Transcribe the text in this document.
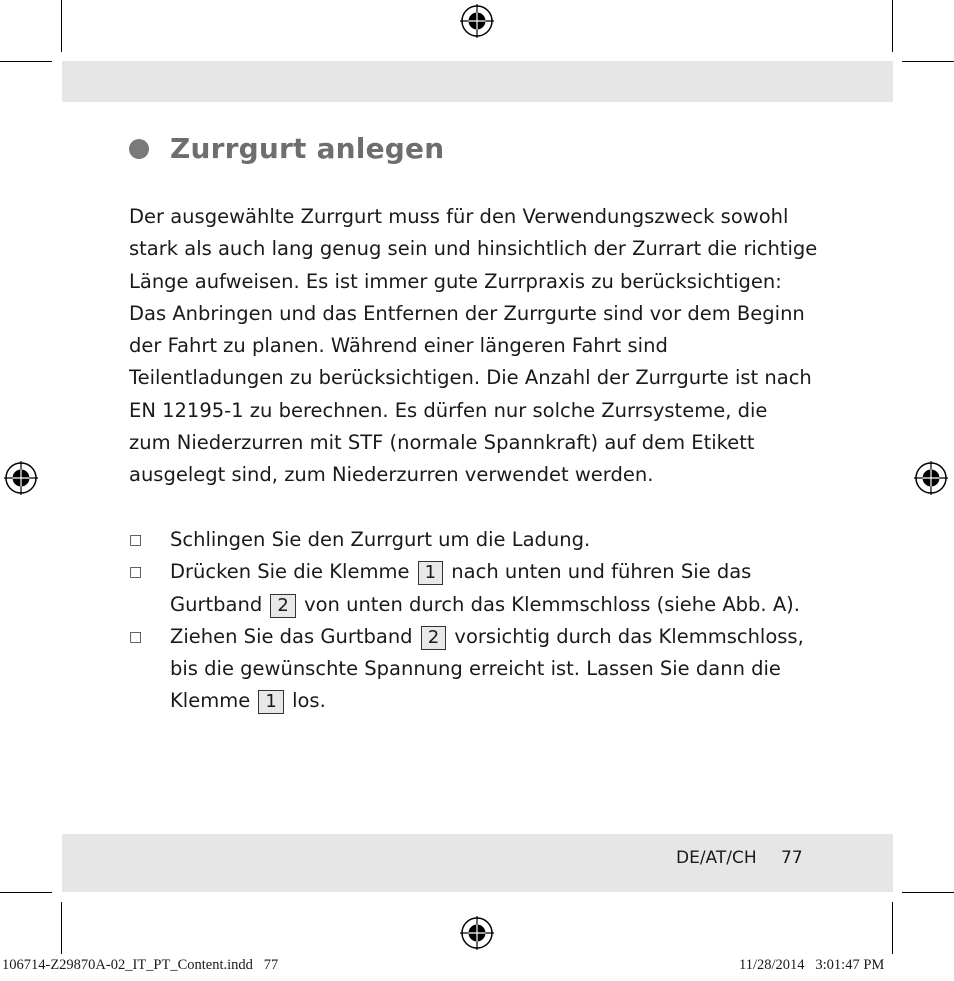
Zurrgurt anlegen

Der ausgewählte Zurrgurt muss für den Verwendungszweck sowohl

stark als auch lang genug sein und hinsichtlich der Zurrart die richtige

Länge aufweisen. Es ist immer gute Zurrpraxis zu berücksichtigen:

Das Anbringen und das Entfernen der Zurrgurte sind vor dem Beginn

der Fahrt zu planen. Während einer längeren Fahrt sind

Teilentladungen zu berücksichtigen. Die Anzahl der Zurrgurte ist nach

EN 12195-1 zu berechnen. Es dürfen nur solche Zurrsysteme, die

zum Niederzurren mit STF (normale Spannkraft) auf dem Etikett

ausgelegt sind, zum Niederzurren verwendet werden.

□	Schlingen Sie den Zurrgurt um die Ladung.
□	Drücken Sie die Klemme 1 nach unten und führen Sie das
Gurtband 2 von unten durch das Klemmschloss (siehe Abb. A).
□	Ziehen Sie das Gurtband 2 vorsichtig durch das Klemmschloss,
bis die gewünschte Spannung erreicht ist. Lassen Sie dann die
Klemme 1 los.
DE/AT/CH 77
106714-Z29870A-02_IT_PT_Content.indd   77	11/28/2014   3:01:47 PM
